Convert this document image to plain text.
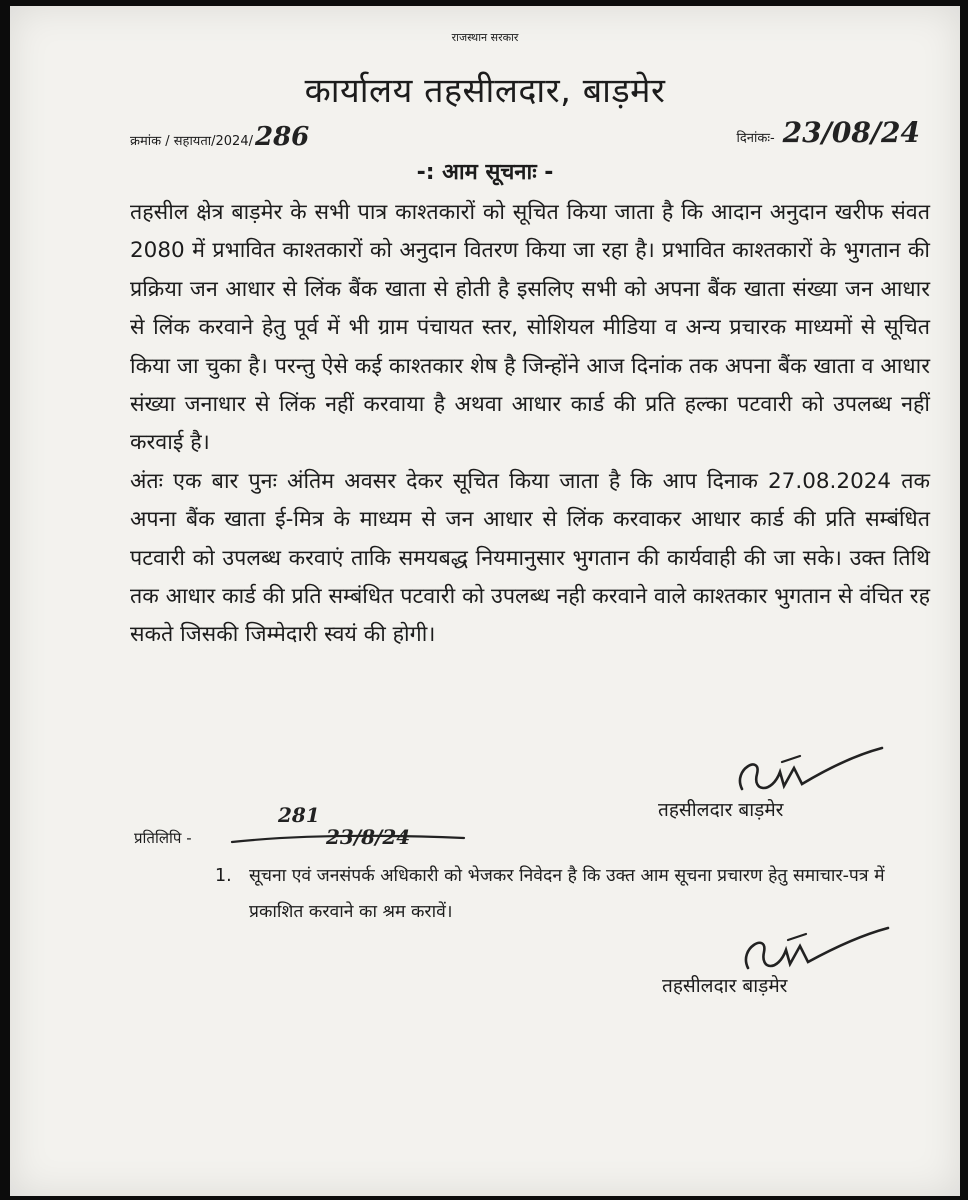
राजस्थान सरकार
कार्यालय तहसीलदार, बाड़मेर
क्रमांक / सहायता/2024/286	दिनांकः- 23/08/24
-: आम सूचनाः -

तहसील क्षेत्र बाड़मेर के सभी पात्र काश्तकारों को सूचित किया जाता है कि आदान अनुदान खरीफ संवत 2080 में प्रभावित काश्तकारों को अनुदान वितरण किया जा रहा है। प्रभावित काश्तकारों के भुगतान की प्रक्रिया जन आधार से लिंक बैंक खाता से होती है इसलिए सभी को अपना बैंक खाता संख्या जन आधार से लिंक करवाने हेतु पूर्व में भी ग्राम पंचायत स्तर, सोशियल मीडिया व अन्य प्रचारक माध्यमों से सूचित किया जा चुका है। परन्तु ऐसे कई काश्तकार शेष है जिन्होंने आज दिनांक तक अपना बैंक खाता व आधार संख्या जनाधार से लिंक नहीं करवाया है अथवा आधार कार्ड की प्रति हल्का पटवारी को उपलब्ध नहीं करवाई है।

अंतः एक बार पुनः अंतिम अवसर देकर सूचित किया जाता है कि आप दिनाक 27.08.2024 तक अपना बैंक खाता ई-मित्र के माध्यम से जन आधार से लिंक करवाकर आधार कार्ड की प्रति सम्बंधित पटवारी को उपलब्ध करवाएं ताकि समयबद्ध नियमानुसार भुगतान की कार्यवाही की जा सके। उक्त तिथि तक आधार कार्ड की प्रति सम्बंधित पटवारी को उपलब्ध नही करवाने वाले काश्तकार भुगतान से वंचित रह सकते जिसकी जिम्मेदारी स्वयं की होगी।

तहसीलदार बाड़मेर
प्रतिलिपि -
281
23/8/24
1. सूचना एवं जनसंपर्क अधिकारी को भेजकर निवेदन है कि उक्त आम सूचना प्रचारण हेतु समाचार-पत्र में प्रकाशित करवाने का श्रम करावें।
तहसीलदार बाड़मेर
